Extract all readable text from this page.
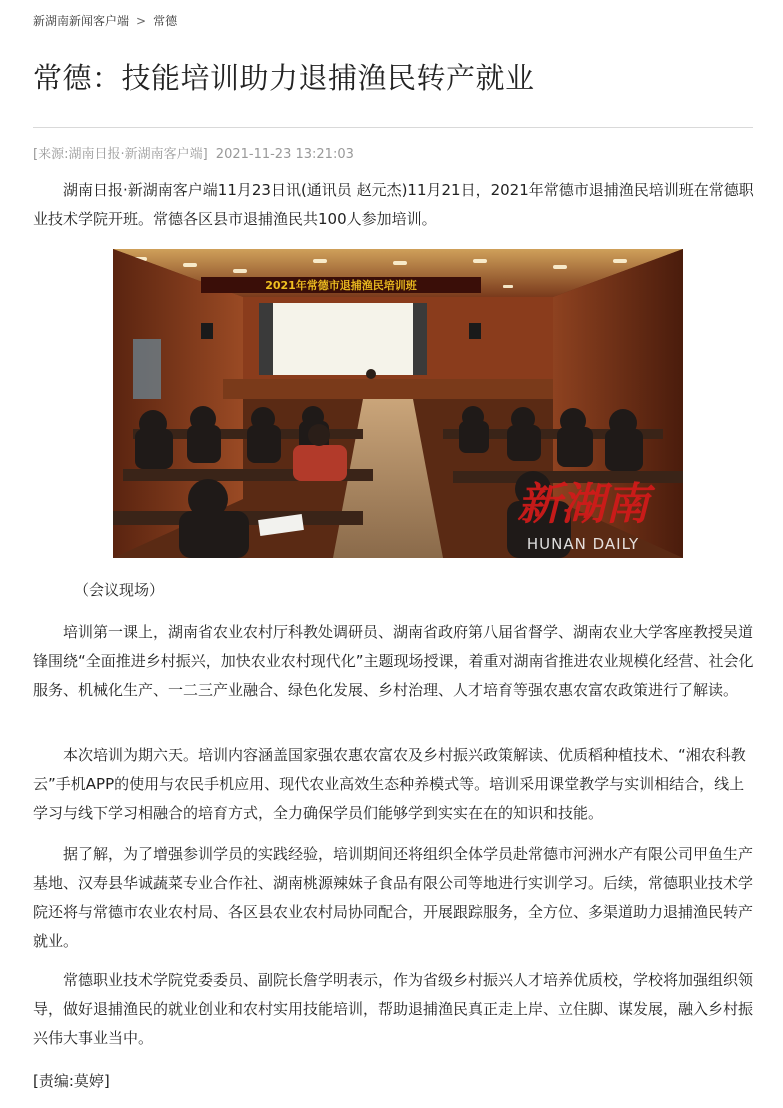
新湖南新闻客户端 > 常德
常德：技能培训助力退捕渔民转产就业
[来源:湖南日报·新湖南客户端] 2021-11-23 13:21:03

湖南日报·新湖南客户端11月23日讯(通讯员 赵元杰)11月21日，2021年常德市退捕渔民培训班在常德职业技术学院开班。常德各区县市退捕渔民共100人参加培训。

2021年常德市退捕渔民培训班
新湖南
HUNAN DAILY
（会议现场）

培训第一课上，湖南省农业农村厅科教处调研员、湖南省政府第八届省督学、湖南农业大学客座教授吴道锋围绕“全面推进乡村振兴，加快农业农村现代化”主题现场授课，着重对湖南省推进农业规模化经营、社会化服务、机械化生产、一二三产业融合、绿色化发展、乡村治理、人才培育等强农惠农富农政策进行了解读。

本次培训为期六天。培训内容涵盖国家强农惠农富农及乡村振兴政策解读、优质稻种植技术、“湘农科教云”手机APP的使用与农民手机应用、现代农业高效生态种养模式等。培训采用课堂教学与实训相结合，线上学习与线下学习相融合的培育方式，全力确保学员们能够学到实实在在的知识和技能。

据了解，为了增强参训学员的实践经验，培训期间还将组织全体学员赴常德市河洲水产有限公司甲鱼生产基地、汉寿县华诚蔬菜专业合作社、湖南桃源辣妹子食品有限公司等地进行实训学习。后续，常德职业技术学院还将与常德市农业农村局、各区县农业农村局协同配合，开展跟踪服务，全方位、多渠道助力退捕渔民转产就业。

常德职业技术学院党委委员、副院长詹学明表示，作为省级乡村振兴人才培养优质校，学校将加强组织领导，做好退捕渔民的就业创业和农村实用技能培训，帮助退捕渔民真正走上岸、立住脚、谋发展，融入乡村振兴伟大事业当中。

[责编:莫婷]
